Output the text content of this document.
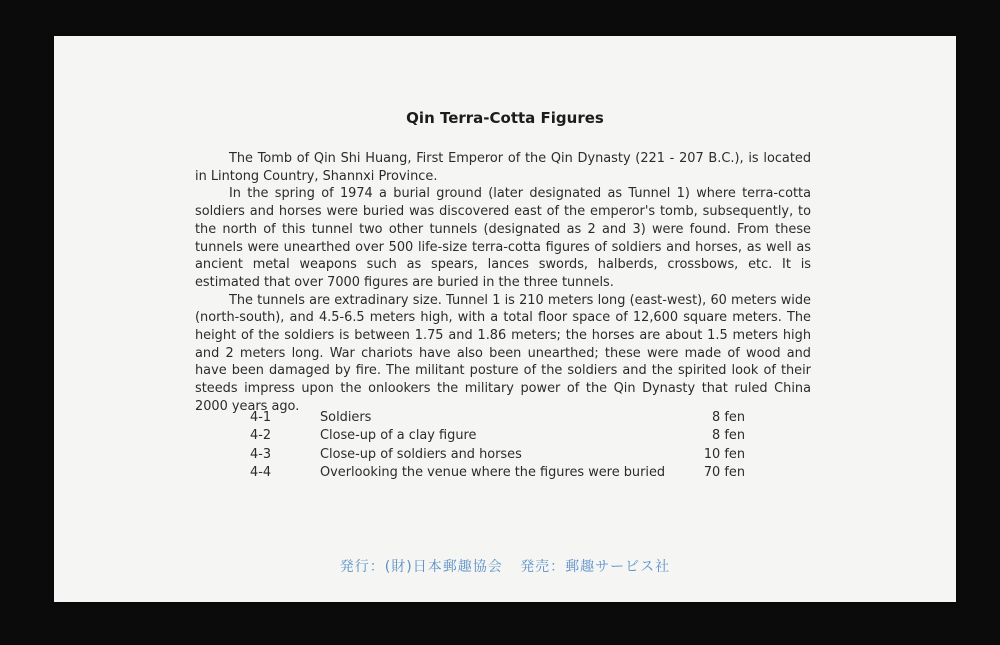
Qin Terra-Cotta Figures

The Tomb of Qin Shi Huang, First Emperor of the Qin Dynasty (221 - 207 B.C.), is located in Lintong Country, Shannxi Province.

In the spring of 1974 a burial ground (later designated as Tunnel 1) where terra-cotta soldiers and horses were buried was discovered east of the emperor's tomb, subsequently, to the north of this tunnel two other tunnels (designated as 2 and 3) were found. From these tunnels were unearthed over 500 life-size terra-cotta figures of soldiers and horses, as well as ancient metal weapons such as spears, lances swords, halberds, crossbows, etc. It is estimated that over 7000 figures are buried in the three tunnels.

The tunnels are extradinary size. Tunnel 1 is 210 meters long (east-west), 60 meters wide (north-south), and 4.5-6.5 meters high, with a total floor space of 12,600 square meters. The height of the soldiers is between 1.75 and 1.86 meters; the horses are about 1.5 meters high and 2 meters long. War chariots have also been unearthed; these were made of wood and have been damaged by fire. The militant posture of the soldiers and the spirited look of their steeds impress upon the onlookers the military power of the Qin Dynasty that ruled China 2000 years ago.

4-1	Soldiers	8 fen
4-2	Close-up of a clay figure	8 fen
4-3	Close-up of soldiers and horses	10 fen
4-4	Overlooking the venue where the figures were buried	70 fen
発行：(財)日本郵趣協会 発売：郵趣サービス社
